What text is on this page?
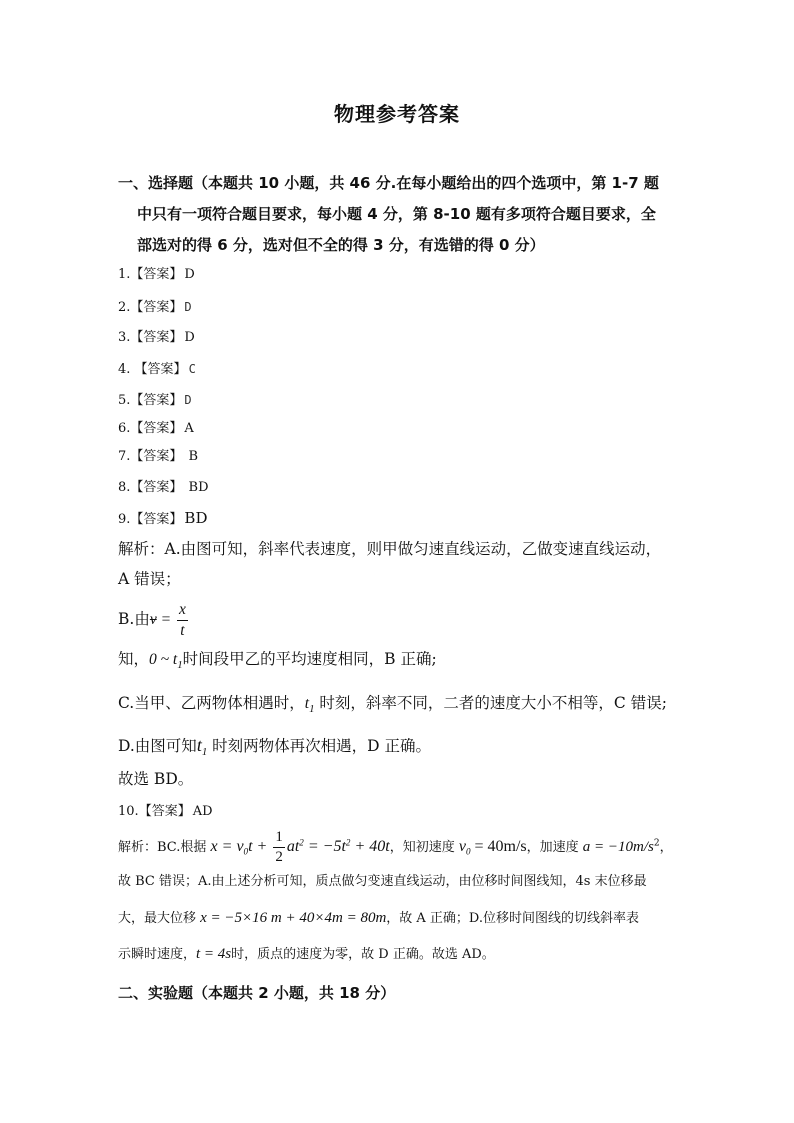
物理参考答案
一、选择题（本题共 10 小题，共 46 分.在每小题给出的四个选项中，第 1-7 题
中只有一项符合题目要求，每小题 4 分，第 8-10 题有多项符合题目要求，全
部选对的得 6 分，选对但不全的得 3 分，有选错的得 0 分）
1.【答案】 D
2.【答案】 D
3.【答案】 D
4. 【答案】 C
5.【答案】 D
6.【答案】 A
7.【答案】 B
8.【答案】 BD
9.【答案】 BD
解析：A.由图可知，斜率代表速度，则甲做匀速直线运动，乙做变速直线运动，
A 错误；
B.由$v = \frac{x}{t}$
知，0 ~ $t_1$时间段甲乙的平均速度相同，B 正确;
C.当甲、乙两物体相遇时，$t_1$ 时刻，斜率不同，二者的速度大小不相等，C 错误;
D.由图可知$t_1$ 时刻两物体再次相遇，D 正确。
故选 BD。
10.【答案】 AD
解析：BC.根据 $x = v_0t + \frac{1}{2} at^2 = -5t^2 + 40t$，知初速度 $v_0 = 40m/s$，加速度 $a = -10m/s^2$，
故 BC 错误；A.由上述分析可知，质点做匀变速直线运动，由位移时间图线知，4s 末位移最
大，最大位移 x = −5×16 m + 40×4m = 80m，故 A 正确；D.位移时间图线的切线斜率表
示瞬时速度，t = 4s时，质点的速度为零，故 D 正确。故选 AD。
二、实验题（本题共 2 小题，共 18 分）
